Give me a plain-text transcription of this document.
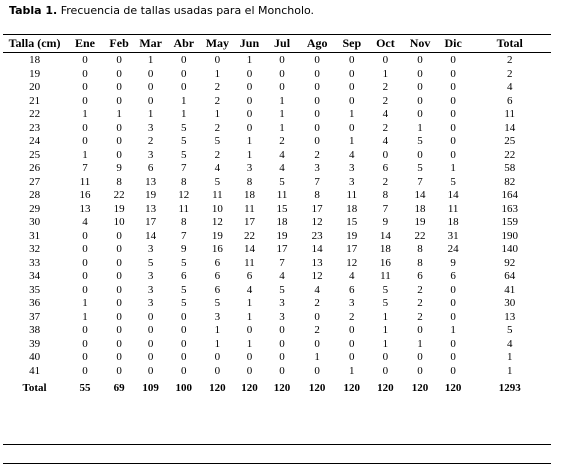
Tabla 1. Frecuencia de tallas usadas para el Moncholo.
Talla (cm)	Ene	Feb	Mar	Abr	May	Jun	Jul	Ago	Sep	Oct	Nov	Dic	Total
18	0	0	1	0	0	1	0	0	0	0	0	0	2
19	0	0	0	0	1	0	0	0	0	1	0	0	2
20	0	0	0	0	2	0	0	0	0	2	0	0	4
21	0	0	0	1	2	0	1	0	0	2	0	0	6
22	1	1	1	1	1	0	1	0	1	4	0	0	11
23	0	0	3	5	2	0	1	0	0	2	1	0	14
24	0	0	2	5	5	1	2	0	1	4	5	0	25
25	1	0	3	5	2	1	4	2	4	0	0	0	22
26	7	9	6	7	4	3	4	3	3	6	5	1	58
27	11	8	13	8	5	8	5	7	3	2	7	5	82
28	16	22	19	12	11	18	11	8	11	8	14	14	164
29	13	19	13	11	10	11	15	17	18	7	18	11	163
30	4	10	17	8	12	17	18	12	15	9	19	18	159
31	0	0	14	7	19	22	19	23	19	14	22	31	190
32	0	0	3	9	16	14	17	14	17	18	8	24	140
33	0	0	5	5	6	11	7	13	12	16	8	9	92
34	0	0	3	6	6	6	4	12	4	11	6	6	64
35	0	0	3	5	6	4	5	4	6	5	2	0	41
36	1	0	3	5	5	1	3	2	3	5	2	0	30
37	1	0	0	0	3	1	3	0	2	1	2	0	13
38	0	0	0	0	1	0	0	2	0	1	0	1	5
39	0	0	0	0	1	1	0	0	0	1	1	0	4
40	0	0	0	0	0	0	0	1	0	0	0	0	1
41	0	0	0	0	0	0	0	0	1	0	0	0	1
Total	55	69	109	100	120	120	120	120	120	120	120	120	1293
